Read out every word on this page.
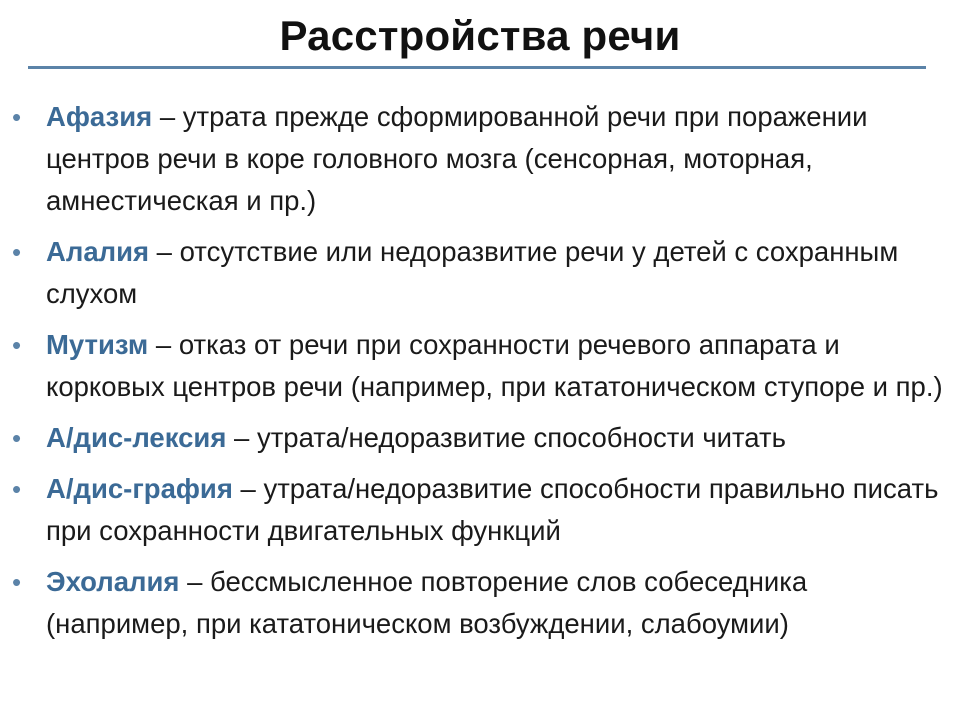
Расстройства речи
• Афазия – утрата прежде сформированной речи при поражении центров речи в коре головного мозга (сенсорная, моторная, амнестическая и пр.)
• Алалия – отсутствие или недоразвитие речи у детей с сохранным слухом
• Мутизм – отказ от речи при сохранности речевого аппарата и корковых центров речи (например, при кататоническом ступоре и пр.)
• А/дис-лексия – утрата/недоразвитие способности читать
• А/дис-графия – утрата/недоразвитие способности правильно писать при сохранности двигательных функций
• Эхолалия – бессмысленное повторение слов собеседника (например, при кататоническом возбуждении, слабоумии)
